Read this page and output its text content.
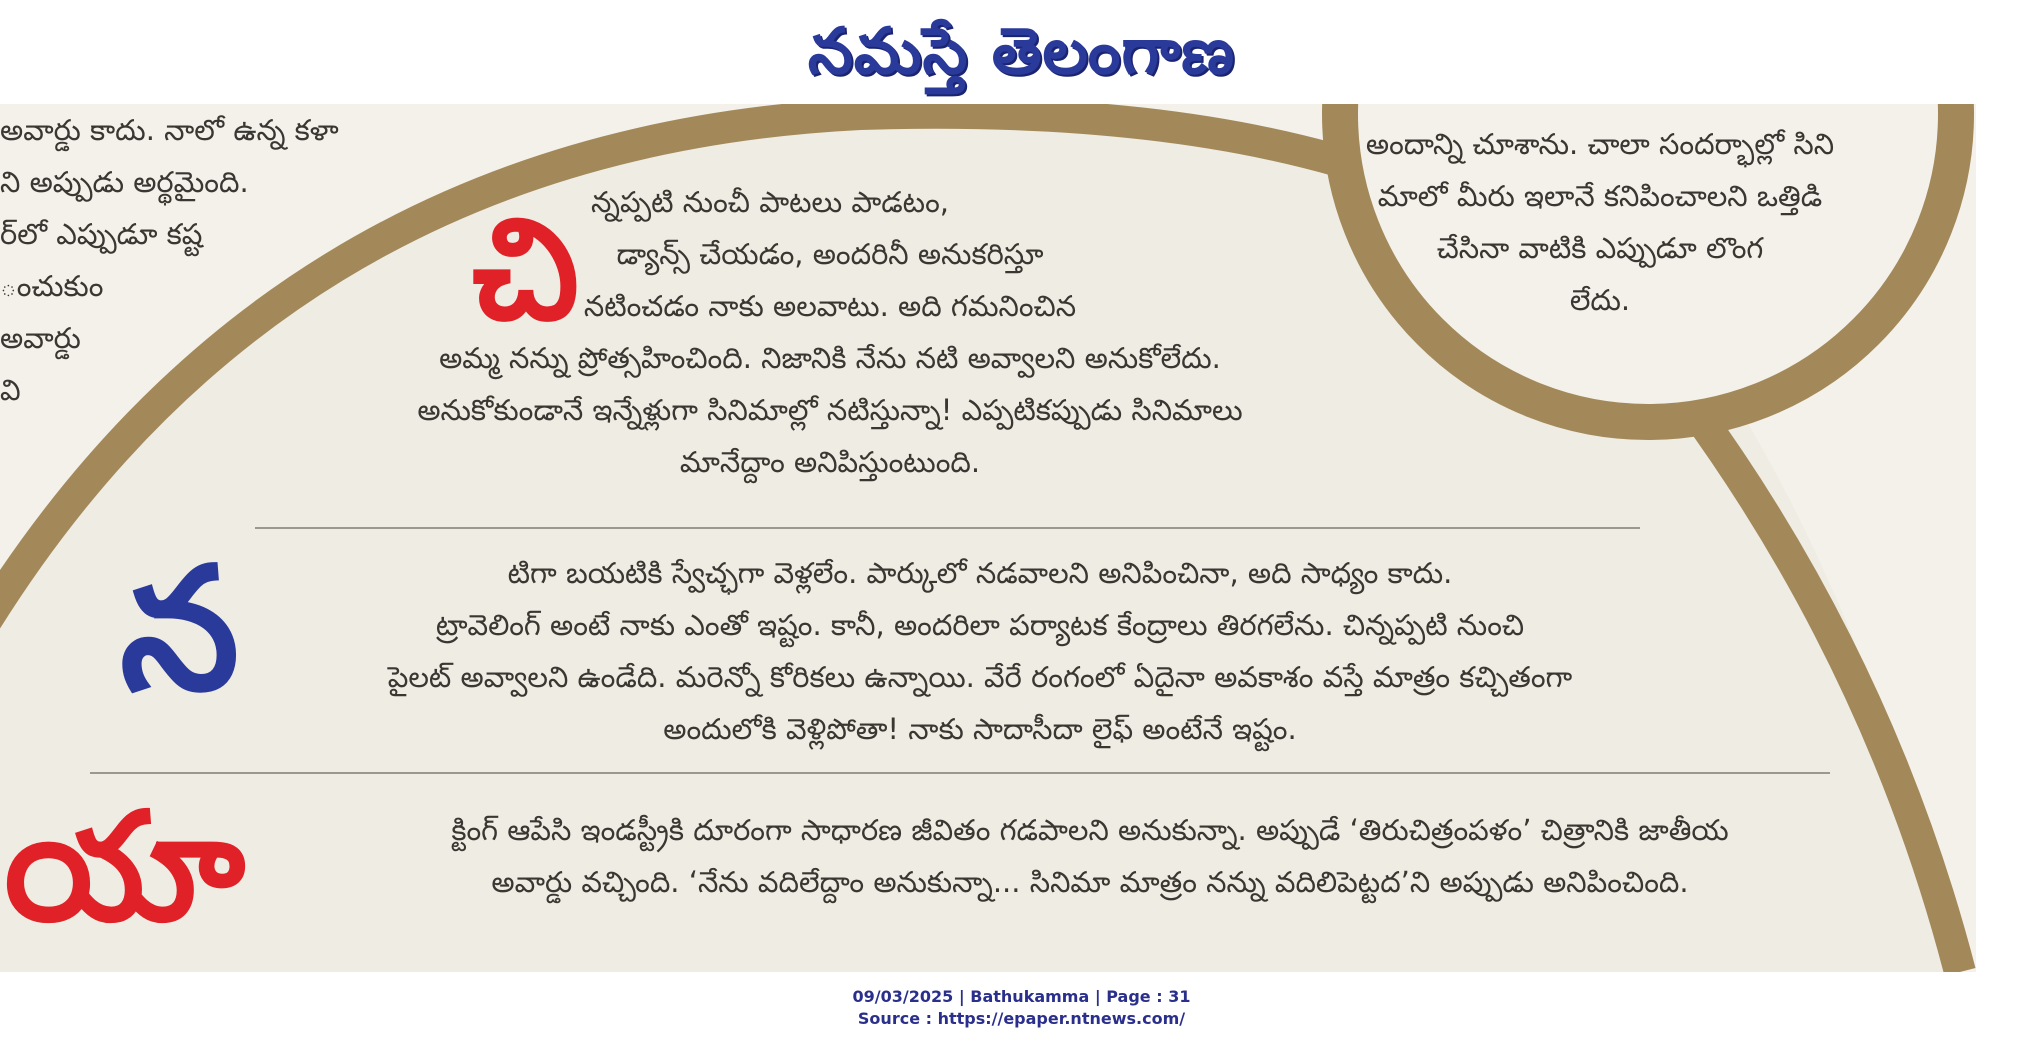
నమస్తే తెలంగాణ
అవార్డు కాదు. నాలో ఉన్న కళా
ని అప్పుడు అర్థమైంది.
ర్‌లో ఎప్పుడూ కష్ట
ంచుకుం
అవార్డు
వి
అందాన్ని చూశాను. చాలా సందర్భాల్లో సిని
మాలో మీరు ఇలానే కనిపించాలని ఒత్తిడి
చేసినా వాటికి ఎప్పుడూ లొంగ
లేదు.
చి న్నప్పటి నుంచీ పాటలు పాడటం,
డ్యాన్స్ చేయడం, అందరినీ అనుకరిస్తూ
నటించడం నాకు అలవాటు. అది గమనించిన
అమ్మ నన్ను ప్రోత్సహించింది. నిజానికి నేను నటి అవ్వాలని అనుకోలేదు.
అనుకోకుండానే ఇన్నేళ్లుగా సినిమాల్లో నటిస్తున్నా! ఎప్పటికప్పుడు సినిమాలు
మానేద్దాం అనిపిస్తుంటుంది.
న	టిగా బయటికి స్వేచ్ఛగా వెళ్లలేం. పార్కులో నడవాలని అనిపించినా, అది సాధ్యం కాదు.
ట్రావెలింగ్ అంటే నాకు ఎంతో ఇష్టం. కానీ, అందరిలా పర్యాటక కేంద్రాలు తిరగలేను. చిన్నప్పటి నుంచి
పైలట్ అవ్వాలని ఉండేది. మరెన్నో కోరికలు ఉన్నాయి. వేరే రంగంలో ఏదైనా అవకాశం వస్తే మాత్రం కచ్చితంగా
అందులోకి వెళ్లిపోతా! నాకు సాదాసీదా లైఫ్ అంటేనే ఇష్టం.
యా	క్టింగ్ ఆపేసి ఇండస్ట్రీకి దూరంగా సాధారణ జీవితం గడపాలని అనుకున్నా. అప్పుడే ‘తిరుచిత్రంపళం’ చిత్రానికి జాతీయ
అవార్డు వచ్చింది. ‘నేను వదిలేద్దాం అనుకున్నా... సినిమా మాత్రం నన్ను వదిలిపెట్టద’ని అప్పుడు అనిపించింది.
09/03/2025 | Bathukamma | Page : 31
Source : https://epaper.ntnews.com/
